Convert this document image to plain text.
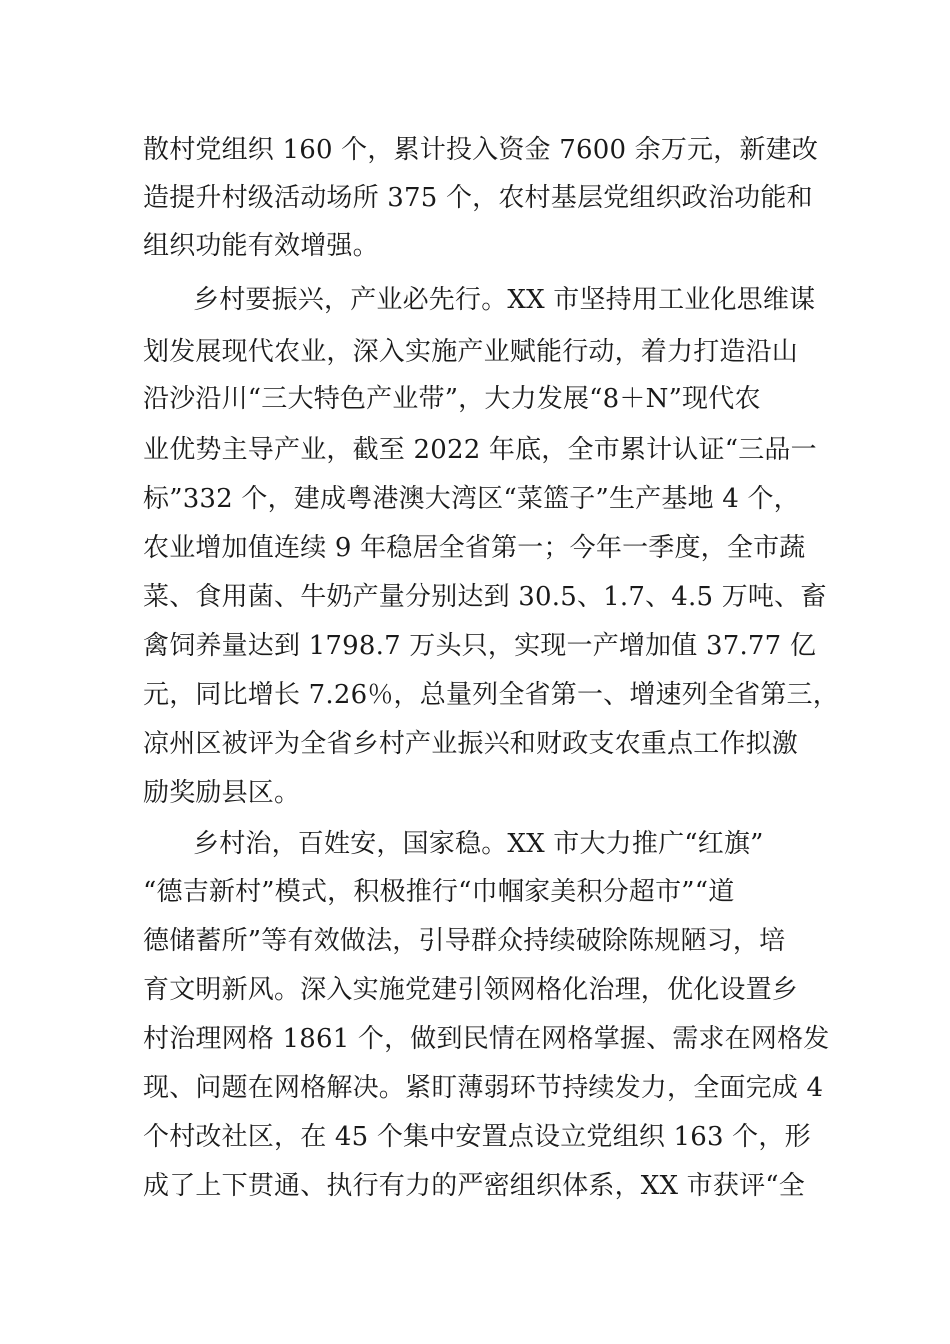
散村党组织 160 个，累计投入资金 7600 余万元，新建改
造提升村级活动场所 375 个，农村基层党组织政治功能和
组织功能有效增强。
乡村要振兴，产业必先行。XX 市坚持用工业化思维谋
划发展现代农业，深入实施产业赋能行动，着力打造沿山
沿沙沿川“三大特色产业带”，大力发展“8＋N”现代农
业优势主导产业，截至 2022 年底，全市累计认证“三品一
标”332 个，建成粤港澳大湾区“菜篮子”生产基地 4 个，
农业增加值连续 9 年稳居全省第一；今年一季度，全市蔬
菜、食用菌、牛奶产量分别达到 30.5、1.7、4.5 万吨、畜
禽饲养量达到 1798.7 万头只，实现一产增加值 37.77 亿
元，同比增长 7.26％，总量列全省第一、增速列全省第三，
凉州区被评为全省乡村产业振兴和财政支农重点工作拟激
励奖励县区。
乡村治，百姓安，国家稳。XX 市大力推广“红旗”
“德吉新村”模式，积极推行“巾帼家美积分超市”“道
德储蓄所”等有效做法，引导群众持续破除陈规陋习，培
育文明新风。深入实施党建引领网格化治理，优化设置乡
村治理网格 1861 个，做到民情在网格掌握、需求在网格发
现、问题在网格解决。紧盯薄弱环节持续发力，全面完成 4
个村改社区，在 45 个集中安置点设立党组织 163 个，形
成了上下贯通、执行有力的严密组织体系，XX 市获评“全
